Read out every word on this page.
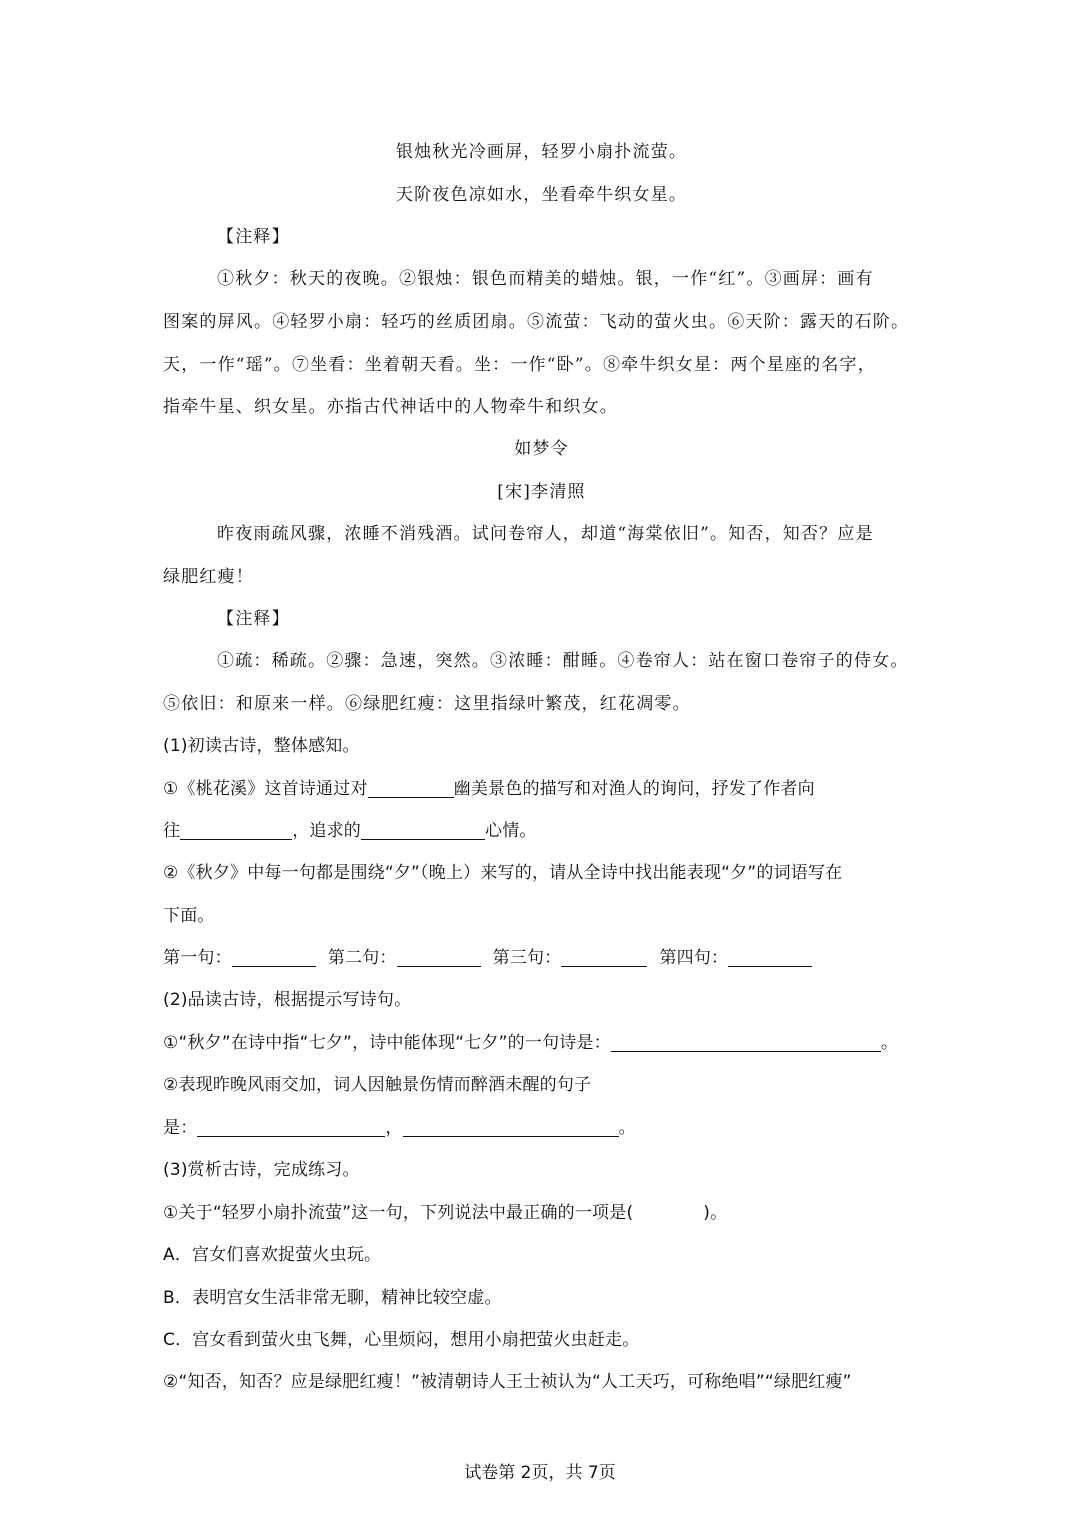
银烛秋光冷画屏，轻罗小扇扑流萤。
天阶夜色凉如水，坐看牵牛织女星。
【注释】
①秋夕：秋天的夜晚。②银烛：银色而精美的蜡烛。银，一作“红”。③画屏：画有
图案的屏风。④轻罗小扇：轻巧的丝质团扇。⑤流萤：飞动的萤火虫。⑥天阶：露天的石阶。
天，一作“瑶”。⑦坐看：坐着朝天看。坐：一作“卧”。⑧牵牛织女星：两个星座的名字，
指牵牛星、织女星。亦指古代神话中的人物牵牛和织女。
如梦令
[宋]李清照
昨夜雨疏风骤，浓睡不消残酒。试问卷帘人，却道“海棠依旧”。知否，知否？应是
绿肥红瘦！
【注释】
①疏：稀疏。②骤：急速，突然。③浓睡：酣睡。④卷帘人：站在窗口卷帘子的侍女。
⑤依旧：和原来一样。⑥绿肥红瘦：这里指绿叶繁茂，红花凋零。
(1)初读古诗，整体感知。
①《桃花溪》这首诗通过对	幽美景色的描写和对渔人的询问，抒发了作者向
往	，追求的	心情。
②《秋夕》中每一句都是围绕“夕”（晚上）来写的，请从全诗中找出能表现“夕”的词语写在
下面。
第一句：	第二句：	第三句：	第四句：
(2)品读古诗，根据提示写诗句。
①“秋夕”在诗中指“七夕”，诗中能体现“七夕”的一句诗是：	。
②表现昨晚风雨交加，词人因触景伤情而醉酒未醒的句子
是：	，	。
(3)赏析古诗，完成练习。
①关于“轻罗小扇扑流萤”这一句，下列说法中最正确的一项是(	)。
A．宫女们喜欢捉萤火虫玩。
B．表明宫女生活非常无聊，精神比较空虚。
C．宫女看到萤火虫飞舞，心里烦闷，想用小扇把萤火虫赶走。
②“知否，知否？应是绿肥红瘦！”被清朝诗人王士祯认为“人工天巧，可称绝唱”“绿肥红瘦”
试卷第 2页，共 7页
